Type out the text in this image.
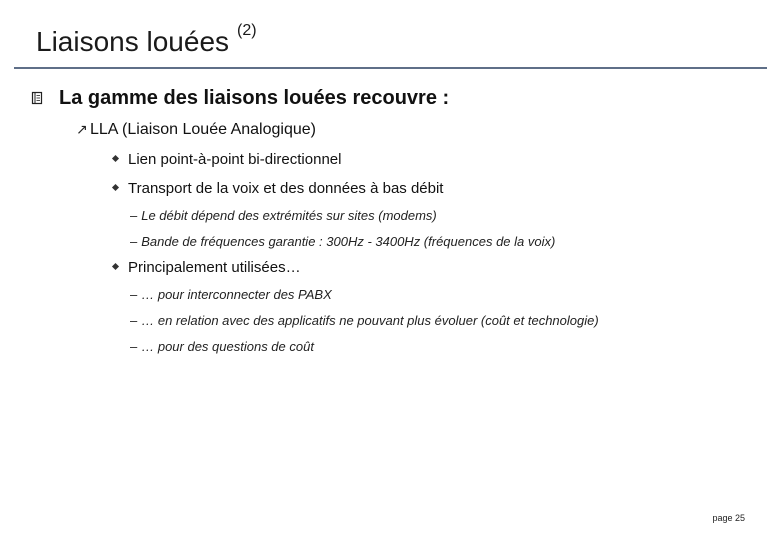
Liaisons louées $^{(2)}$
La gamme des liaisons louées recouvre :
↗ LLA (Liaison Louée Analogique)
Lien point-à-point bi-directionnel
Transport de la voix et des données à bas débit
– Le débit dépend des extrémités sur sites (modems)
– Bande de fréquences garantie : 300Hz - 3400Hz (fréquences de la voix)
Principalement utilisées…
– … pour interconnecter des PABX
– … en relation avec des applicatifs ne pouvant plus évoluer (coût et technologie)
– … pour des questions de coût
page 25
